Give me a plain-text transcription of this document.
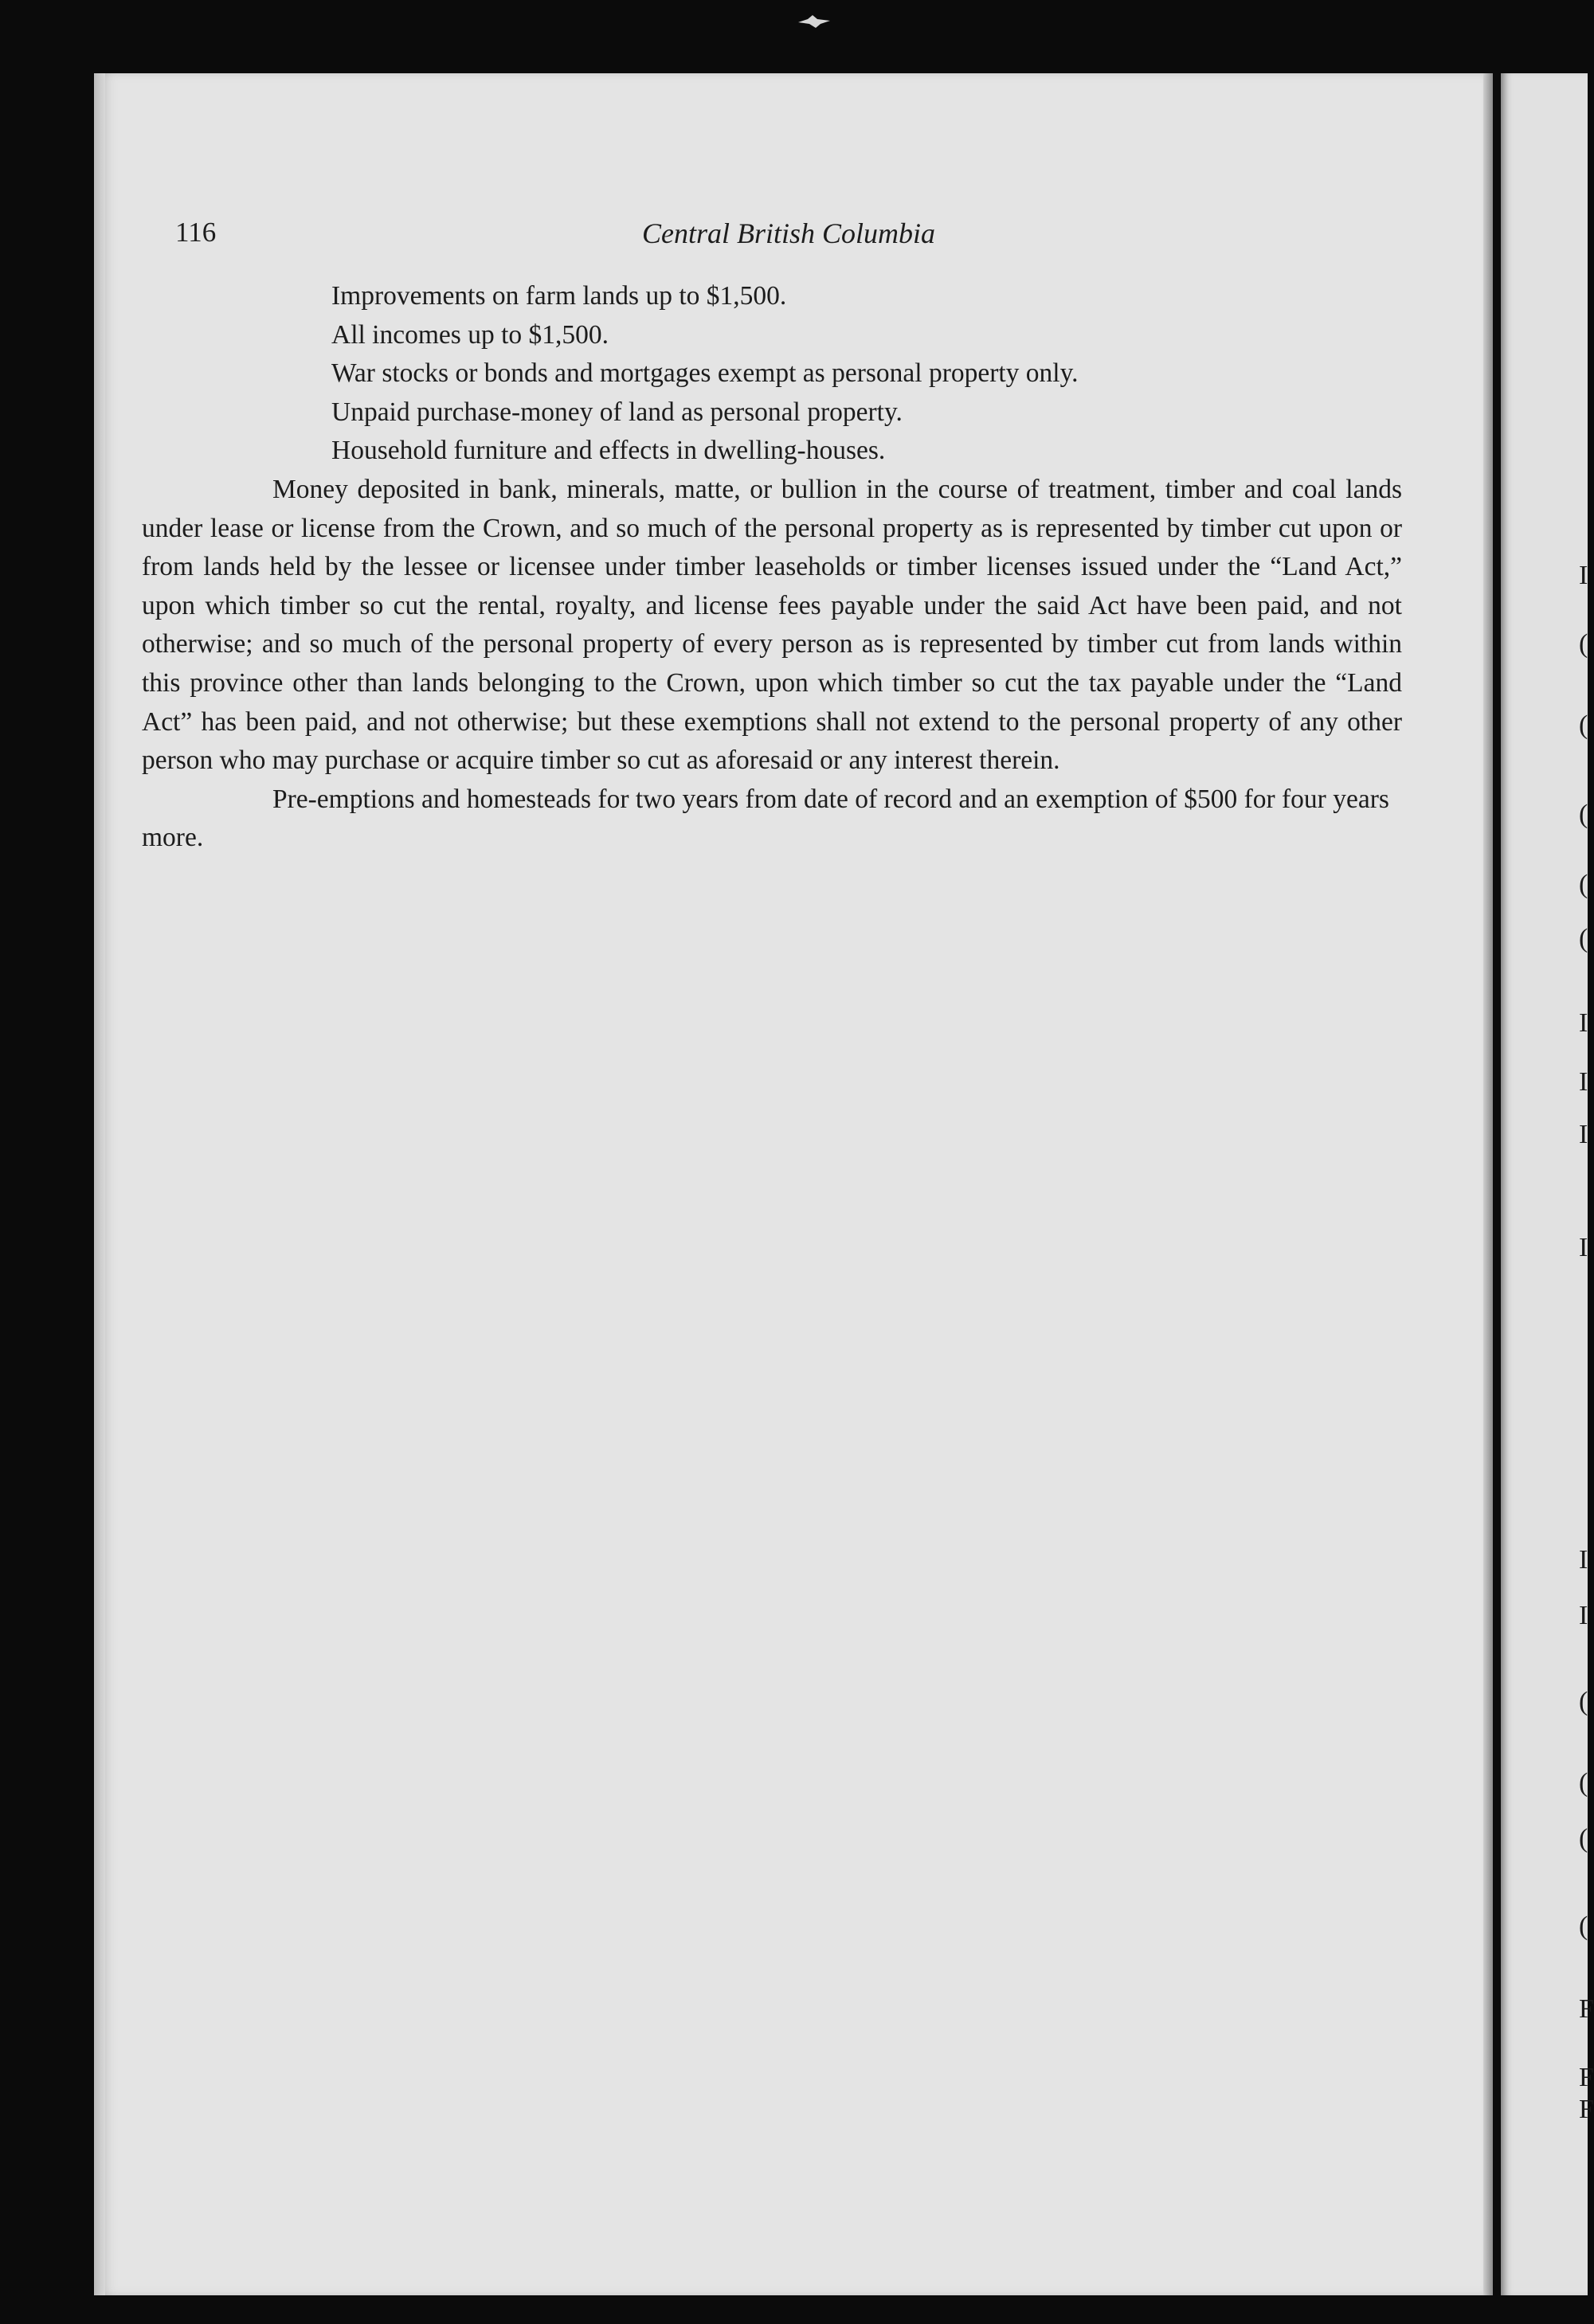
I
(
(
(
(
(
I
I
I
I
I
I
(
(
(
(
F
F
F
116	Central British Columbia

Improvements on farm lands up to $1,500.

All incomes up to $1,500.

War stocks or bonds and mortgages exempt as personal property only.

Unpaid purchase-money of land as personal property.

Household furniture and effects in dwelling-houses.

Money deposited in bank, minerals, matte, or bullion in the course of treatment, timber and coal lands under lease or license from the Crown, and so much of the personal property as is represented by timber cut upon or from lands held by the lessee or licensee under timber leaseholds or timber licenses issued under the “Land Act,” upon which timber so cut the rental, royalty, and license fees payable under the said Act have been paid, and not otherwise; and so much of the personal property of every person as is represented by timber cut from lands within this province other than lands belonging to the Crown, upon which timber so cut the tax payable under the “Land Act” has been paid, and not otherwise; but these exemptions shall not extend to the personal property of any other person who may purchase or acquire timber so cut as aforesaid or any interest therein.

Pre-emptions and homesteads for two years from date of record and an exemption of $500 for four years more.
